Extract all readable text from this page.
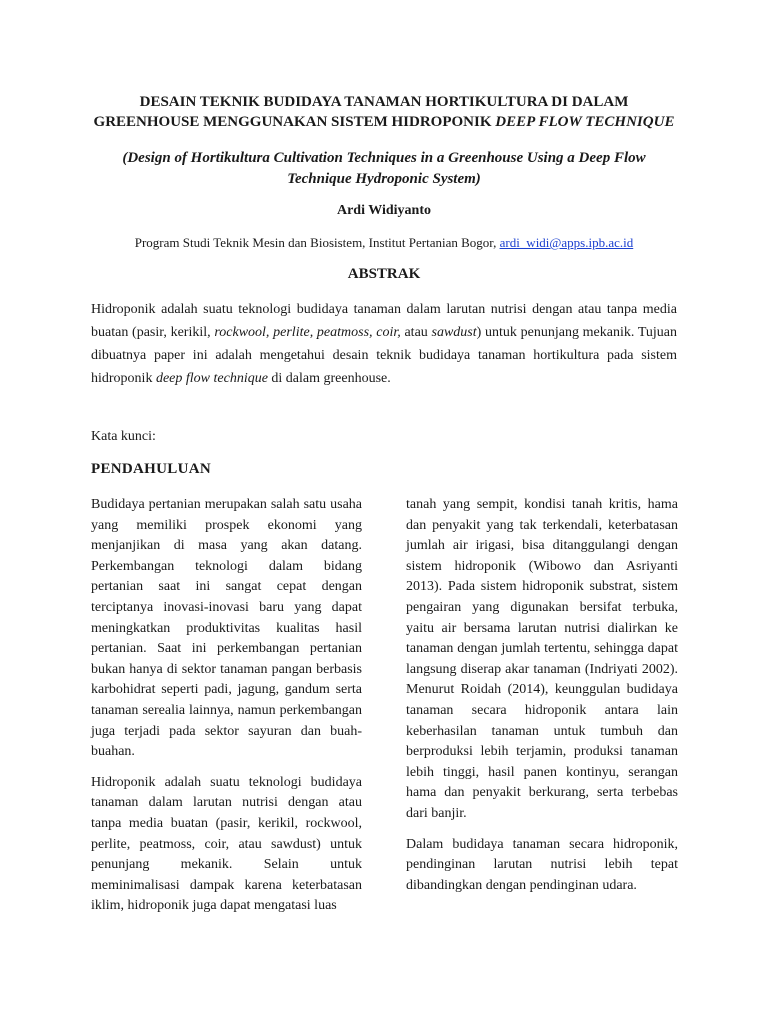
DESAIN TEKNIK BUDIDAYA TANAMAN HORTIKULTURA DI DALAM
GREENHOUSE MENGGUNAKAN SISTEM HIDROPONIK DEEP FLOW TECHNIQUE
(Design of Hortikultura Cultivation Techniques in a Greenhouse Using a Deep Flow Technique Hydroponic System)
Ardi Widiyanto
Program Studi Teknik Mesin dan Biosistem, Institut Pertanian Bogor, ardi_widi@apps.ipb.ac.id
ABSTRAK
Hidroponik adalah suatu teknologi budidaya tanaman dalam larutan nutrisi dengan atau tanpa media buatan (pasir, kerikil, rockwool, perlite, peatmoss, coir, atau sawdust) untuk penunjang mekanik. Tujuan dibuatnya paper ini adalah mengetahui desain teknik budidaya tanaman hortikultura pada sistem hidroponik deep flow technique di dalam greenhouse.
Kata kunci:
PENDAHULUAN

Budidaya pertanian merupakan salah satu usaha yang memiliki prospek ekonomi yang menjanjikan di masa yang akan datang. Perkembangan teknologi dalam bidang pertanian saat ini sangat cepat dengan terciptanya inovasi-inovasi baru yang dapat meningkatkan produktivitas kualitas hasil pertanian. Saat ini perkembangan pertanian bukan hanya di sektor tanaman pangan berbasis karbohidrat seperti padi, jagung, gandum serta tanaman serealia lainnya, namun perkembangan juga terjadi pada sektor sayuran dan buah-buahan.

Hidroponik adalah suatu teknologi budidaya tanaman dalam larutan nutrisi dengan atau tanpa media buatan (pasir, kerikil, rockwool, perlite, peatmoss, coir, atau sawdust) untuk penunjang mekanik. Selain untuk meminimalisasi dampak karena keterbatasan iklim, hidroponik juga dapat mengatasi luas

tanah yang sempit, kondisi tanah kritis, hama dan penyakit yang tak terkendali, keterbatasan jumlah air irigasi, bisa ditanggulangi dengan sistem hidroponik (Wibowo dan Asriyanti 2013). Pada sistem hidroponik substrat, sistem pengairan yang digunakan bersifat terbuka, yaitu air bersama larutan nutrisi dialirkan ke tanaman dengan jumlah tertentu, sehingga dapat langsung diserap akar tanaman (Indriyati 2002). Menurut Roidah (2014), keunggulan budidaya tanaman secara hidroponik antara lain keberhasilan tanaman untuk tumbuh dan berproduksi lebih terjamin, produksi tanaman lebih tinggi, hasil panen kontinyu, serangan hama dan penyakit berkurang, serta terbebas dari banjir.

Dalam budidaya tanaman secara hidroponik, pendinginan larutan nutrisi lebih tepat dibandingkan dengan pendinginan udara.
